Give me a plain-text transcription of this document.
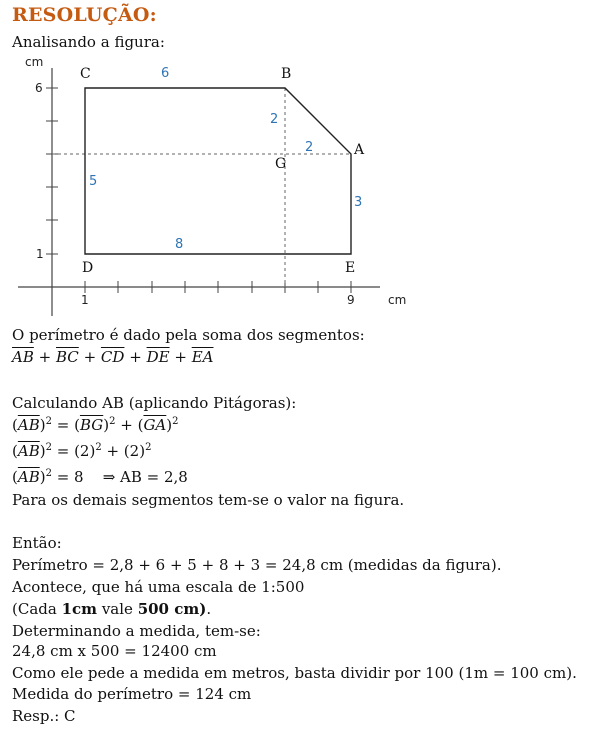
RESOLUÇÃO:
Analisando a figura:
cm
cm
6
1
1	9
C	B
A
G
D	E
6
2
2
3
5
8
O perímetro é dado pela soma dos segmentos:
$\overline{AB} + \overline{BC} + \overline{CD} + \overline{DE} + \overline{EA}$
Calculando AB (aplicando Pitágoras):
$(\overline{AB})^2 = (\overline{BG})^2 + (\overline{GA})^2$
$(\overline{AB})^2 = (2)^2 + (2)^2$
$(\overline{AB})^2 = 8$ ⇒ AB = 2,8
Para os demais segmentos tem-se o valor na figura.
Então:
Perímetro = 2,8 + 6 + 5 + 8 + 3 = 24,8 cm (medidas da figura).
Acontece, que há uma escala de 1:500
(Cada 1cm vale 500 cm).
Determinando a medida, tem-se:
24,8 cm x 500 = 12400 cm
Como ele pede a medida em metros, basta dividir por 100 (1m = 100 cm).
Medida do perímetro = 124 cm
Resp.: C
